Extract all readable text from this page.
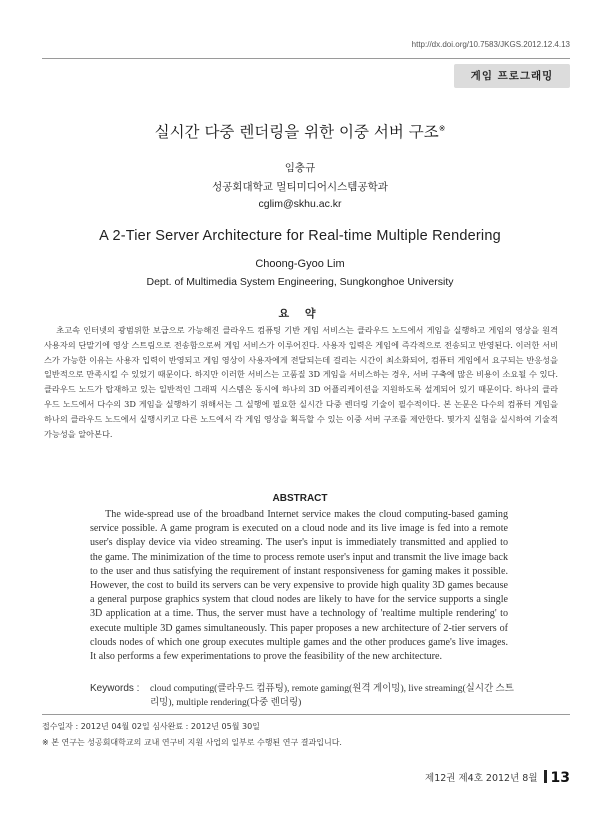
http://dx.doi.org/10.7583/JKGS.2012.12.4.13
게임 프로그래밍
실시간 다중 렌더링을 위한 이중 서버 구조※
임충규
성공회대학교 멀티미디어시스템공학과
cglim@skhu.ac.kr
A 2-Tier Server Architecture for Real-time Multiple Rendering
Choong-Gyoo Lim
Dept. of Multimedia System Engineering, Sungkonghoe University
요 약

초고속 인터넷의 광범위한 보급으로 가능해진 클라우드 컴퓨팅 기반 게임 서비스는 클라우드 노드에서 게임을 실행하고 게임의 영상을 원격 사용자의 단말기에 영상 스트림으로 전송함으로써 게임 서비스가 이루어진다. 사용자 입력은 게임에 즉각적으로 전송되고 반영된다. 이러한 서비스가 가능한 이유는 사용자 입력이 반영되고 게임 영상이 사용자에게 전달되는데 걸리는 시간이 최소화되어, 컴퓨터 게임에서 요구되는 반응성을 일반적으로 만족시킬 수 있었기 때문이다. 하지만 이러한 서비스는 고품질 3D 게임을 서비스하는 경우, 서버 구축에 많은 비용이 소요될 수 있다. 클라우드 노드가 탑재하고 있는 일반적인 그래픽 시스템은 동시에 하나의 3D 어플리케이션을 지원하도록 설계되어 있기 때문이다. 하나의 클라우드 노드에서 다수의 3D 게임을 실행하기 위해서는 그 실행에 필요한 실시간 다중 렌더링 기술이 필수적이다. 본 논문은 다수의 컴퓨터 게임을 하나의 클라우드 노드에서 실행시키고 다른 노드에서 각 게임 영상을 획득할 수 있는 이중 서버 구조를 제안한다. 몇가지 실험을 실시하여 기술적 가능성을 알아본다.

ABSTRACT

The wide-spread use of the broadband Internet service makes the cloud computing-based gaming service possible. A game program is executed on a cloud node and its live image is fed into a remote user's display device via video streaming. The user's input is immediately transmitted and applied to the game. The minimization of the time to process remote user's input and transmit the live image back to the user and thus satisfying the requirement of instant responsiveness for gaming makes it possible. However, the cost to build its servers can be very expensive to provide high quality 3D games because a general purpose graphics system that cloud nodes are likely to have for the service supports a single 3D application at a time. Thus, the server must have a technology of 'realtime multiple rendering' to execute multiple 3D games simultaneously. This paper proposes a new architecture of 2-tier servers of clouds nodes of which one group executes multiple games and the other produces game's live images. It also performs a few experimentations to prove the feasibility of the new architecture.

Keywords : cloud computing(클라우드 컴퓨팅), remote gaming(원격 게이밍), live streaming(실시간 스트리밍), multiple rendering(다중 렌더링)
접수일자 : 2012년 04월 02일 심사완료 : 2012년 05월 30일
※ 본 연구는 성공회대학교의 교내 연구비 지원 사업의 일부로 수행된 연구 결과입니다.
제12권 제4호 2012년 8월 13
